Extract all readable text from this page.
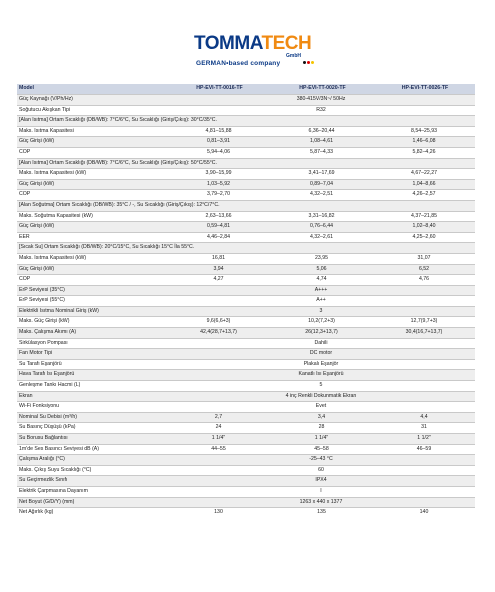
TOMMATECH
GmbH
GERMAN•based company
Model	HP-EVI-TT-0016-TF	HP-EVI-TT-0020-TF	HP-EVI-TT-0026-TF
Güç Kaynağı (V/Ph/Hz)	380-415V/3N~/ 50Hz		
Soğutucu Akışkan Tipi	R32		
[Alan Isıtma] Ortam Sıcaklığı (DB/WB): 7°C/6°C, Su Sıcaklığı (Giriş/Çıkış): 30°C/35°C.			
Maks. Isıtma Kapasitesi	4,81–15,88	6,36–20,44	8,54–25,93
Güç Girişi (kW)	0,81–3,91	1,08–4,61	1,46–6,08
COP	5,94–4,06	5,87–4,33	5,82–4,26
[Alan Isıtma] Ortam Sıcaklığı (DB/WB): 7°C/6°C, Su Sıcaklığı (Giriş/Çıkış): 50°C/55°C.			
Maks. Isıtma Kapasitesi (kW)	3,90–15,99	3,41–17,69	4,67–22,27
Güç Girişi (kW)	1,03–5,92	0,89–7,04	1,04–8,66
COP	3,79–2,70	4,32–2,51	4,26–2,57
[Alan Soğutma] Ortam Sıcaklığı (DB/WB): 35°C / -, Su Sıcaklığı (Giriş/Çıkış): 12°C/7°C.			
Maks. Soğutma Kapasitesi (kW)	2,63–13,66	3,31–16,82	4,37–21,85
Güç Girişi (kW)	0,59–4,81	0,76–6,44	1,02–8,40
EER	4,46–2,84	4,32–2,61	4,25–2,60
[Sıcak Su] Ortam Sıcaklığı (DB/WB): 20°C/15°C, Su Sıcaklığı 15°C İla 55°C.			
Maks. Isıtma Kapasitesi (kW)	16,81	23,95	31,07
Güç Girişi (kW)	3,94	5,06	6,52
COP	4,27	4,74	4,76
ErP Seviyesi (35°C)	A+++		
ErP Seviyesi (55°C)	A++		
Elektrikli Isıtma Nominal Giriş (kW)	3		
Maks. Güç Girişi (kW)	9,6(6,6+3)	10,2(7,2+3)	12,7(9,7+3)
Maks. Çalışma Akımı (A)	42,4(28,7+13,7)	26(12,3+13,7)	30,4(16,7+13,7)
Sirkülasyon Pompası	Dahili		
Fan Motor Tipi	DC motor		
Su Tarafı Eşanjörü	Plakalı Eşanjör		
Hava Tarafı Isı Eşanjörü	Kanatlı Isı Eşanjörü		
Genleşme Tankı Hacmi (L)	5		
Ekran	4 inç Renkli Dokunmatik Ekran		
Wi-Fi Fonksiyonu	Evet		
Nominal Su Debisi (m³/h)	2,7	3,4	4,4
Su Basınç Düşüşü (kPa)	24	28	31
Su Borusu Bağlantısı	1 1/4"	1 1/4"	1 1/2"
1m'de Ses Basıncı Seviyesi dB (A)	44–55	45–58	46–59
Çalışma Aralığı (°C)	-25–43 °C		
Maks. Çıkış Suyu Sıcaklığı (°C)	60		
Su Geçirmezlik Sınıfı	IPX4		
Elektrik Çarpmasına Dayanım	I		
Net Boyut (G/D/Y) (mm)	1263 x 440 x 1377		
Net Ağırlık (kg)	130	135	140
